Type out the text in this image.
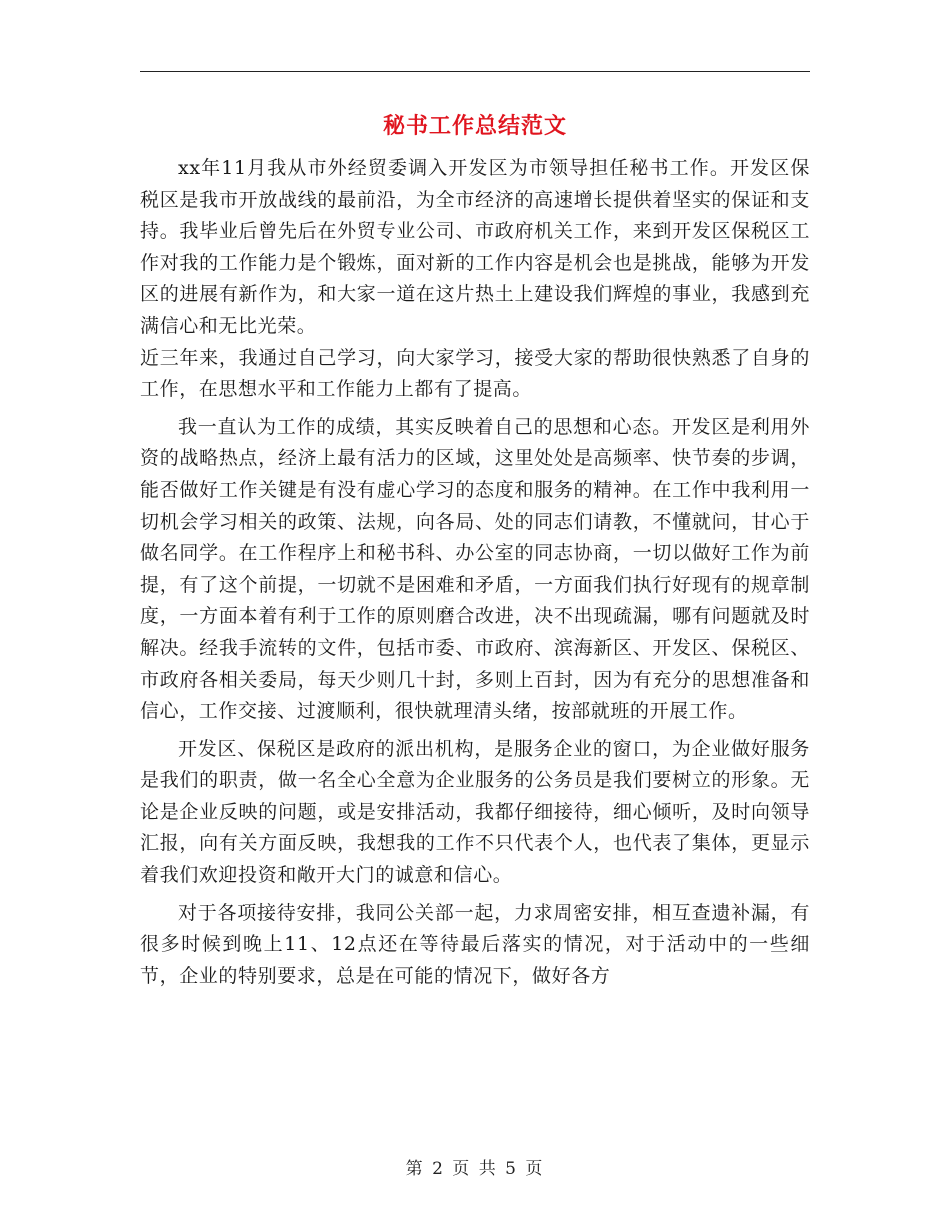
秘书工作总结范文

xx年11月我从市外经贸委调入开发区为市领导担任秘书工作。开发区保税区是我市开放战线的最前沿，为全市经济的高速增长提供着坚实的保证和支持。我毕业后曾先后在外贸专业公司、市政府机关工作，来到开发区保税区工作对我的工作能力是个锻炼，面对新的工作内容是机会也是挑战，能够为开发区的进展有新作为，和大家一道在这片热土上建设我们辉煌的事业，我感到充满信心和无比光荣。

近三年来，我通过自己学习，向大家学习，接受大家的帮助很快熟悉了自身的工作，在思想水平和工作能力上都有了提高。

我一直认为工作的成绩，其实反映着自己的思想和心态。开发区是利用外资的战略热点，经济上最有活力的区域，这里处处是高频率、快节奏的步调，能否做好工作关键是有没有虚心学习的态度和服务的精神。在工作中我利用一切机会学习相关的政策、法规，向各局、处的同志们请教，不懂就问，甘心于做名同学。在工作程序上和秘书科、办公室的同志协商，一切以做好工作为前提，有了这个前提，一切就不是困难和矛盾，一方面我们执行好现有的规章制度，一方面本着有利于工作的原则磨合改进，决不出现疏漏，哪有问题就及时解决。经我手流转的文件，包括市委、市政府、滨海新区、开发区、保税区、市政府各相关委局，每天少则几十封，多则上百封，因为有充分的思想准备和信心，工作交接、过渡顺利，很快就理清头绪，按部就班的开展工作。

开发区、保税区是政府的派出机构，是服务企业的窗口，为企业做好服务是我们的职责，做一名全心全意为企业服务的公务员是我们要树立的形象。无论是企业反映的问题，或是安排活动，我都仔细接待，细心倾听，及时向领导汇报，向有关方面反映，我想我的工作不只代表个人，也代表了集体，更显示着我们欢迎投资和敞开大门的诚意和信心。

对于各项接待安排，我同公关部一起，力求周密安排，相互查遗补漏，有很多时候到晚上11、12点还在等待最后落实的情况，对于活动中的一些细节，企业的特别要求，总是在可能的情况下，做好各方

第 2 页 共 5 页
